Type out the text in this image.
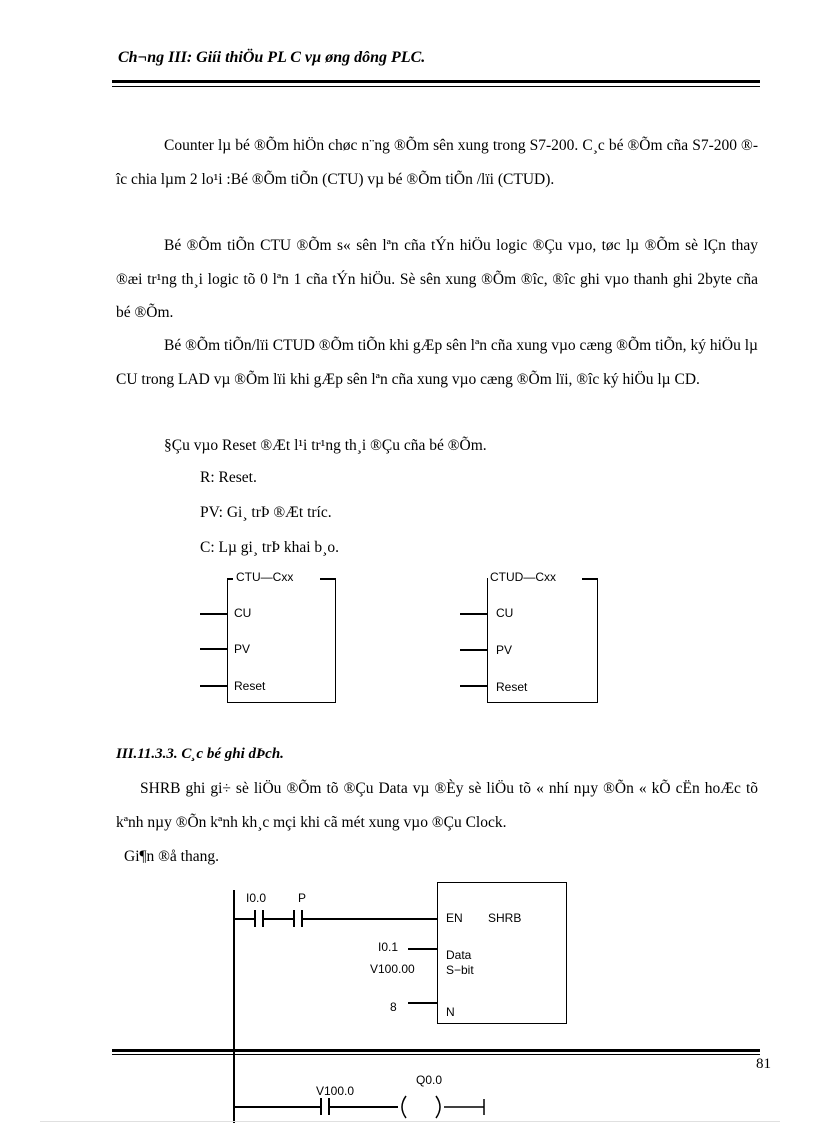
Ch¬ng III: Giíi thiÖu PL C vµ øng dông PLC.

Counter lµ bé ®Õm hiÖn chøc n¨ng ®Õm sên xung trong S7-200. C¸c bé ®Õm cña S7-200 ®îc chia lµm 2 lo¹i :Bé ®Õm tiÕn (CTU) vµ bé ®Õm tiÕn /lïi (CTUD).

Bé ®Õm tiÕn CTU ®Õm s« sên lªn cña tÝn hiÖu logic ®Çu vµo, tøc lµ ®Õm sè lÇn thay ®æi tr¹ng th¸i logic tõ 0 lªn 1 cña tÝn hiÖu. Sè sên xung ®Õm ®îc, ®îc ghi vµo thanh ghi 2byte cña bé ®Õm.

Bé ®Õm tiÕn/lïi CTUD ®Õm tiÕn khi gÆp sên lªn cña xung vµo cæng ®Õm tiÕn, ký hiÖu lµ CU trong LAD vµ ®Õm lïi khi gÆp sên lªn cña xung vµo cæng ®Õm lïi, ®îc ký hiÖu lµ CD.

§Çu vµo Reset ®Æt l¹i tr¹ng th¸i ®Çu cña bé ®Õm.

R: Reset.
PV: Gi¸ trÞ ®Æt tríc.
C: Lµ gi¸ trÞ khai b¸o.
CTU—Cxx
CU
PV
Reset
CTUD—Cxx
CU
PV
Reset
III.11.3.3. C¸c bé ghi dÞch.

SHRB ghi gi÷ sè liÖu ®Õm tõ ®Çu Data vµ ®Èy sè liÖu tõ « nhí nµy ®Õn « kÕ cËn hoÆc tõ kªnh nµy ®Õn kªnh kh¸c mçi khi cã mét xung vµo ®Çu Clock.

Gi¶n ®å thang.
I0.0	P
EN SHRB
I0.1
Data
V100.00	S−bit
8	N
V100.0
Q0.0
81
